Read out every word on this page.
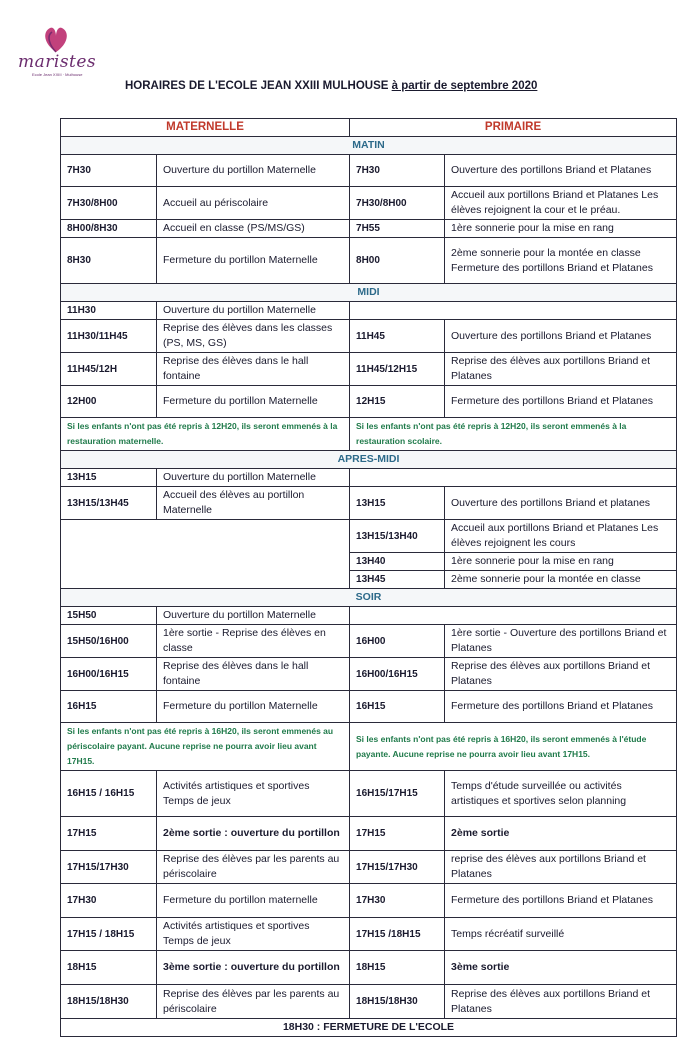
maristes
Ecole Jean XXIII · Mulhouse
HORAIRES DE L'ECOLE JEAN XXIII MULHOUSE à partir de septembre 2020
MATERNELLE		PRIMAIRE	
MATIN			
7H30	Ouverture du portillon Maternelle	7H30	Ouverture des portillons Briand et Platanes
7H30/8H00	Accueil au périscolaire	7H30/8H00	Accueil aux portillons Briand et Platanes Les élèves rejoignent la cour et le préau.
8H00/8H30	Accueil en classe (PS/MS/GS)	7H55	1ère sonnerie pour la mise en rang
8H30	Fermeture du portillon Maternelle	8H00	2ème sonnerie pour la montée en classe Fermeture des portillons Briand et Platanes
MIDI			
11H30	Ouverture du portillon Maternelle		
11H30/11H45	Reprise des élèves dans les classes (PS, MS, GS)	11H45	Ouverture des portillons Briand et Platanes
11H45/12H	Reprise des élèves dans le hall fontaine	11H45/12H15	Reprise des élèves aux portillons Briand et Platanes
12H00	Fermeture du portillon Maternelle	12H15	Fermeture des portillons Briand et Platanes
Si les enfants n'ont pas été repris à 12H20, ils seront emmenés à la restauration maternelle.		Si les enfants n'ont pas été repris à 12H20, ils seront emmenés à la restauration scolaire.	
APRES-MIDI			
13H15	Ouverture du portillon Maternelle		
13H15/13H45	Accueil des élèves au portillon Maternelle	13H15	Ouverture des portillons Briand et platanes
		13H15/13H40	Accueil aux portillons Briand et Platanes Les élèves rejoignent les cours
		13H40	1ère sonnerie pour la mise en rang
		13H45	2ème sonnerie pour la montée en classe
SOIR			
15H50	Ouverture du portillon Maternelle		
15H50/16H00	1ère sortie - Reprise des élèves en classe	16H00	1ère sortie - Ouverture des portillons Briand et Platanes
16H00/16H15	Reprise des élèves dans le hall fontaine	16H00/16H15	Reprise des élèves aux portillons Briand et Platanes
16H15	Fermeture du portillon Maternelle	16H15	Fermeture des portillons Briand et Platanes
Si les enfants n'ont pas été repris à 16H20, ils seront emmenés au périscolaire payant. Aucune reprise ne pourra avoir lieu avant 17H15.		Si les enfants n'ont pas été repris à 16H20, ils seront emmenés à l'étude payante. Aucune reprise ne pourra avoir lieu avant 17H15.	
16H15 / 16H15	Activités artistiques et sportives Temps de jeux	16H15/17H15	Temps d'étude surveillée ou activités artistiques et sportives selon planning
17H15	2ème sortie : ouverture du portillon	17H15	2ème sortie
17H15/17H30	Reprise des élèves par les parents au périscolaire	17H15/17H30	reprise des élèves aux portillons Briand et Platanes
17H30	Fermeture du portillon maternelle	17H30	Fermeture des portillons Briand et Platanes
17H15 / 18H15	Activités artistiques et sportives Temps de jeux	17H15 /18H15	Temps récréatif surveillé
18H15	3ème sortie : ouverture du portillon	18H15	3ème sortie
18H15/18H30	Reprise des élèves par les parents au périscolaire	18H15/18H30	Reprise des élèves aux portillons Briand et Platanes
18H30 : FERMETURE DE L'ECOLE			
